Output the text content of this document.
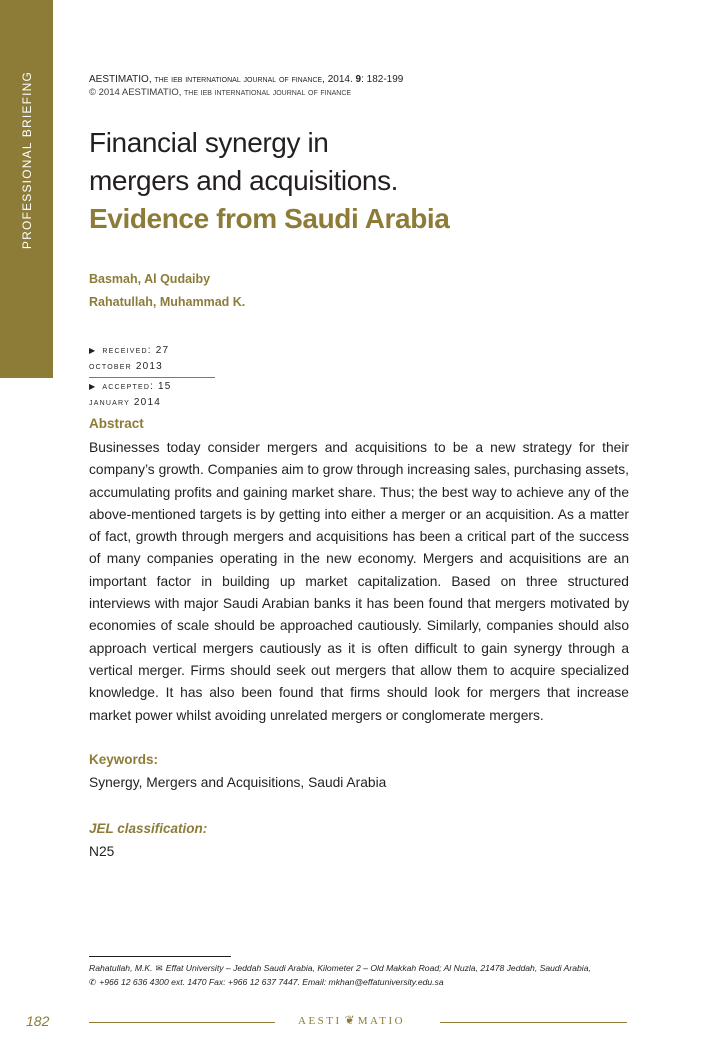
PROFESSIONAL BRIEFING	AESTIMATIO, the ieb international journal of finance, 2014. 9: 182-199
© 2014 AESTIMATIO, the ieb international journal of finance
Financial synergy in
mergers and acquisitions.
Evidence from Saudi Arabia
Basmah, Al Qudaiby
Rahatullah, Muhammad K.
▶ received: 27 october 2013
▶ accepted: 15 january 2014
Abstract
Businesses today consider mergers and acquisitions to be a new strategy for their company’s growth. Companies aim to grow through increasing sales, purchasing assets, accumulating profits and gaining market share. Thus; the best way to achieve any of the above-mentioned targets is by getting into either a merger or an acquisition. As a matter of fact, growth through mergers and acquisitions has been a critical part of the success of many companies operating in the new economy. Mergers and acquisitions are an important factor in building up market capitalization. Based on three structured interviews with major Saudi Arabian banks it has been found that mergers motivated by economies of scale should be approached cautiously. Similarly, companies should also approach vertical mergers cautiously as it is often difficult to gain synergy through a vertical merger. Firms should seek out mergers that allow them to acquire specialized knowledge. It has also been found that firms should look for mergers that increase market power whilst avoiding unrelated mergers or conglomerate mergers.
Keywords:
Synergy, Mergers and Acquisitions, Saudi Arabia
JEL classification:
N25
Rahatullah, M.K. ✉ Effat University – Jeddah Saudi Arabia, Kilometer 2 – Old Makkah Road; Al Nuzla, 21478 Jeddah, Saudi Arabia,
✆ +966 12 636 4300 ext. 1470 Fax: +966 12 637 7447. Email: mkhan@effatuniversity.edu.sa
182	AESTI ❦ MATIO
